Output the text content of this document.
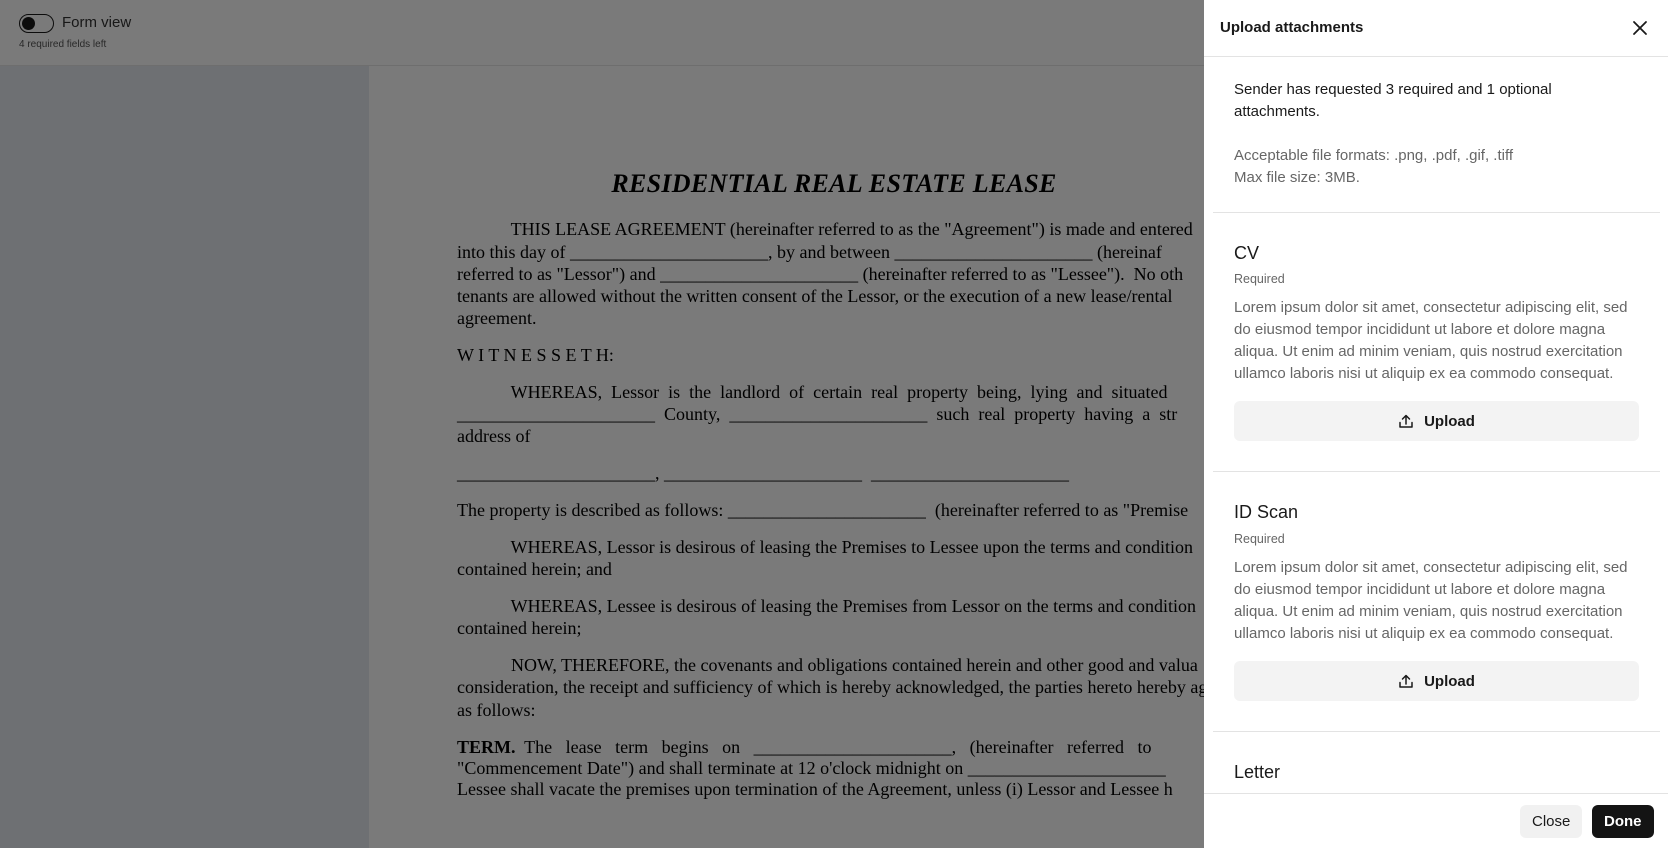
Upload attachments
Sender has requested 3 required and 1 optional attachments.
Acceptable file formats: .png, .pdf, .gif, .tiff
Max file size: 3MB.
CV
Required
Lorem ipsum dolor sit amet, consectetur adipiscing elit, sed do eiusmod tempor incididunt ut labore et dolore magna aliqua. Ut enim ad minim veniam, quis nostrud exercitation ullamco laboris nisi ut aliquip ex ea commodo consequat.
Upload
ID Scan
Required
Lorem ipsum dolor sit amet, consectetur adipiscing elit, sed do eiusmod tempor incididunt ut labore et dolore magna aliqua. Ut enim ad minim veniam, quis nostrud exercitation ullamco laboris nisi ut aliquip ex ea commodo consequat.
Upload
Letter
Close	Done
